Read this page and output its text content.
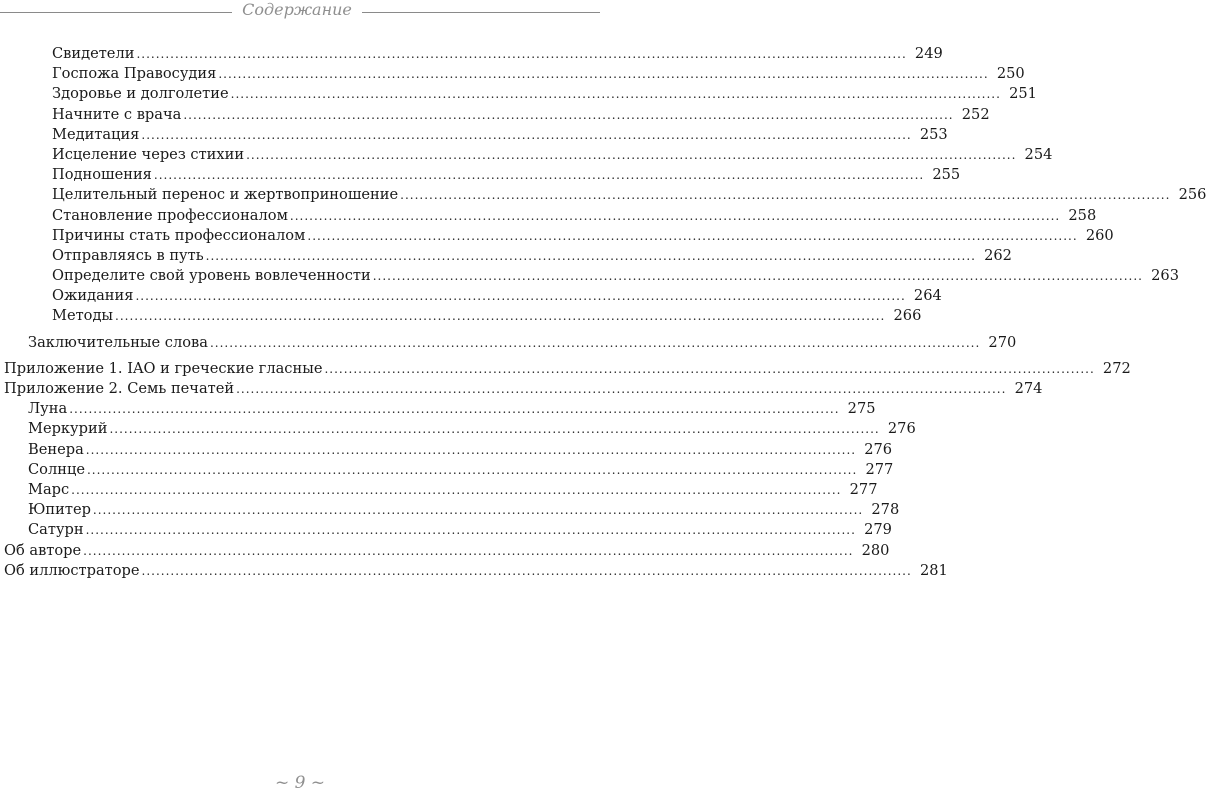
Содержание
Свидетели ................................................................................................................................................................ 249
Госпожа Правосудия ................................................................................................................................................................ 250
Здоровье и долголетие ................................................................................................................................................................ 251
Начните с врача ................................................................................................................................................................ 252
Медитация ................................................................................................................................................................ 253
Исцеление через стихии ................................................................................................................................................................ 254
Подношения ................................................................................................................................................................ 255
Целительный перенос и жертвоприношение ................................................................................................................................................................ 256
Становление профессионалом ................................................................................................................................................................ 258
Причины стать профессионалом ................................................................................................................................................................ 260
Отправляясь в путь ................................................................................................................................................................ 262
Определите свой уровень вовлеченности ................................................................................................................................................................ 263
Ожидания ................................................................................................................................................................ 264
Методы ................................................................................................................................................................ 266
Заключительные слова ................................................................................................................................................................ 270
Приложение 1. IAO и греческие гласные ................................................................................................................................................................ 272
Приложение 2. Семь печатей ................................................................................................................................................................ 274
Луна ................................................................................................................................................................ 275
Меркурий ................................................................................................................................................................ 276
Венера ................................................................................................................................................................ 276
Солнце ................................................................................................................................................................ 277
Марс ................................................................................................................................................................ 277
Юпитер ................................................................................................................................................................ 278
Сатурн ................................................................................................................................................................ 279
Об авторе ................................................................................................................................................................ 280
Об иллюстраторе ................................................................................................................................................................ 281
~ 9 ~
